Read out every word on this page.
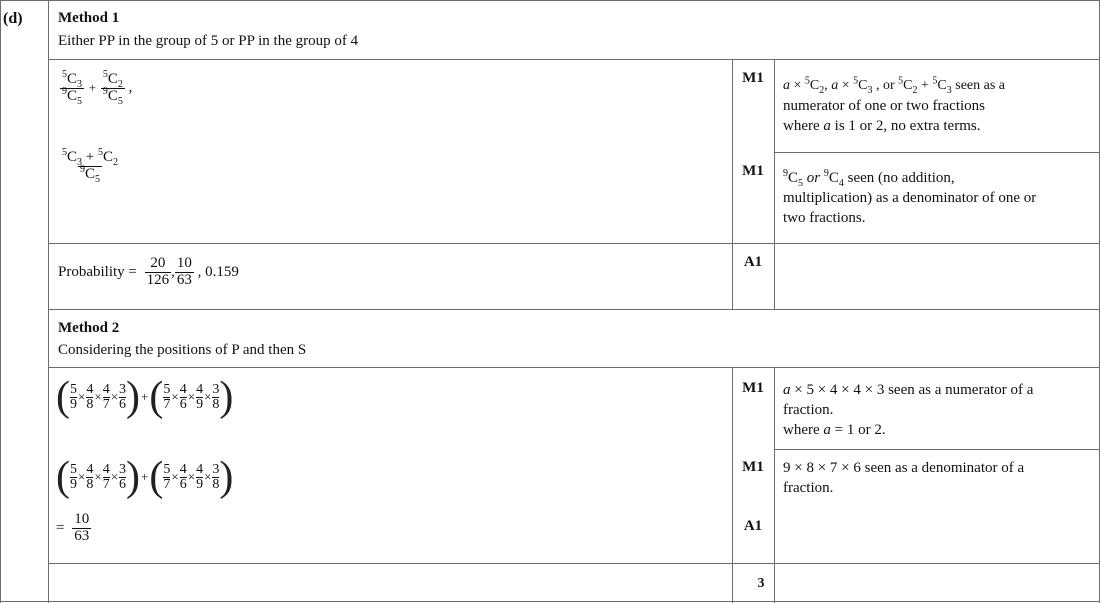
(d) Method 1
Either PP in the group of 5 or PP in the group of 4
$\frac{^5C_3}{^9C_5} + \frac{^5C_2}{^9C_5}$ ,
$\frac{^5C_3 + ^5C_2}{^9C_5}$
Probability = $\frac{20}{126}$ , $\frac{10}{63}$ , 0.159
M1
M1
A1
$a \times ^5C_2$, $a \times ^5C_3$ , or $^5C_2 + ^5C_3$ seen as a
numerator of one or two fractions
where a is 1 or 2, no extra terms.
$^9C_5$ or $^9C_4$ seen (no addition,
multiplication) as a denominator of one or
two fractions.
Method 2
Considering the positions of P and then S
( $\frac{5}{9} \times \frac{4}{8} \times \frac{4}{7} \times \frac{3}{6}$ )+( $\frac{5}{7} \times \frac{4}{6} \times \frac{4}{9} \times \frac{3}{8}$ )
( $\frac{5}{9} \times \frac{4}{8} \times \frac{4}{7} \times \frac{3}{6}$ )+( $\frac{5}{7} \times \frac{4}{6} \times \frac{4}{9} \times \frac{3}{8}$ )
= $\frac{10}{63}$
M1
M1
A1
3
a × 5 × 4 × 4 × 3 seen as a numerator of a
fraction.
where a = 1 or 2.
9 × 8 × 7 × 6 seen as a denominator of a
fraction.
